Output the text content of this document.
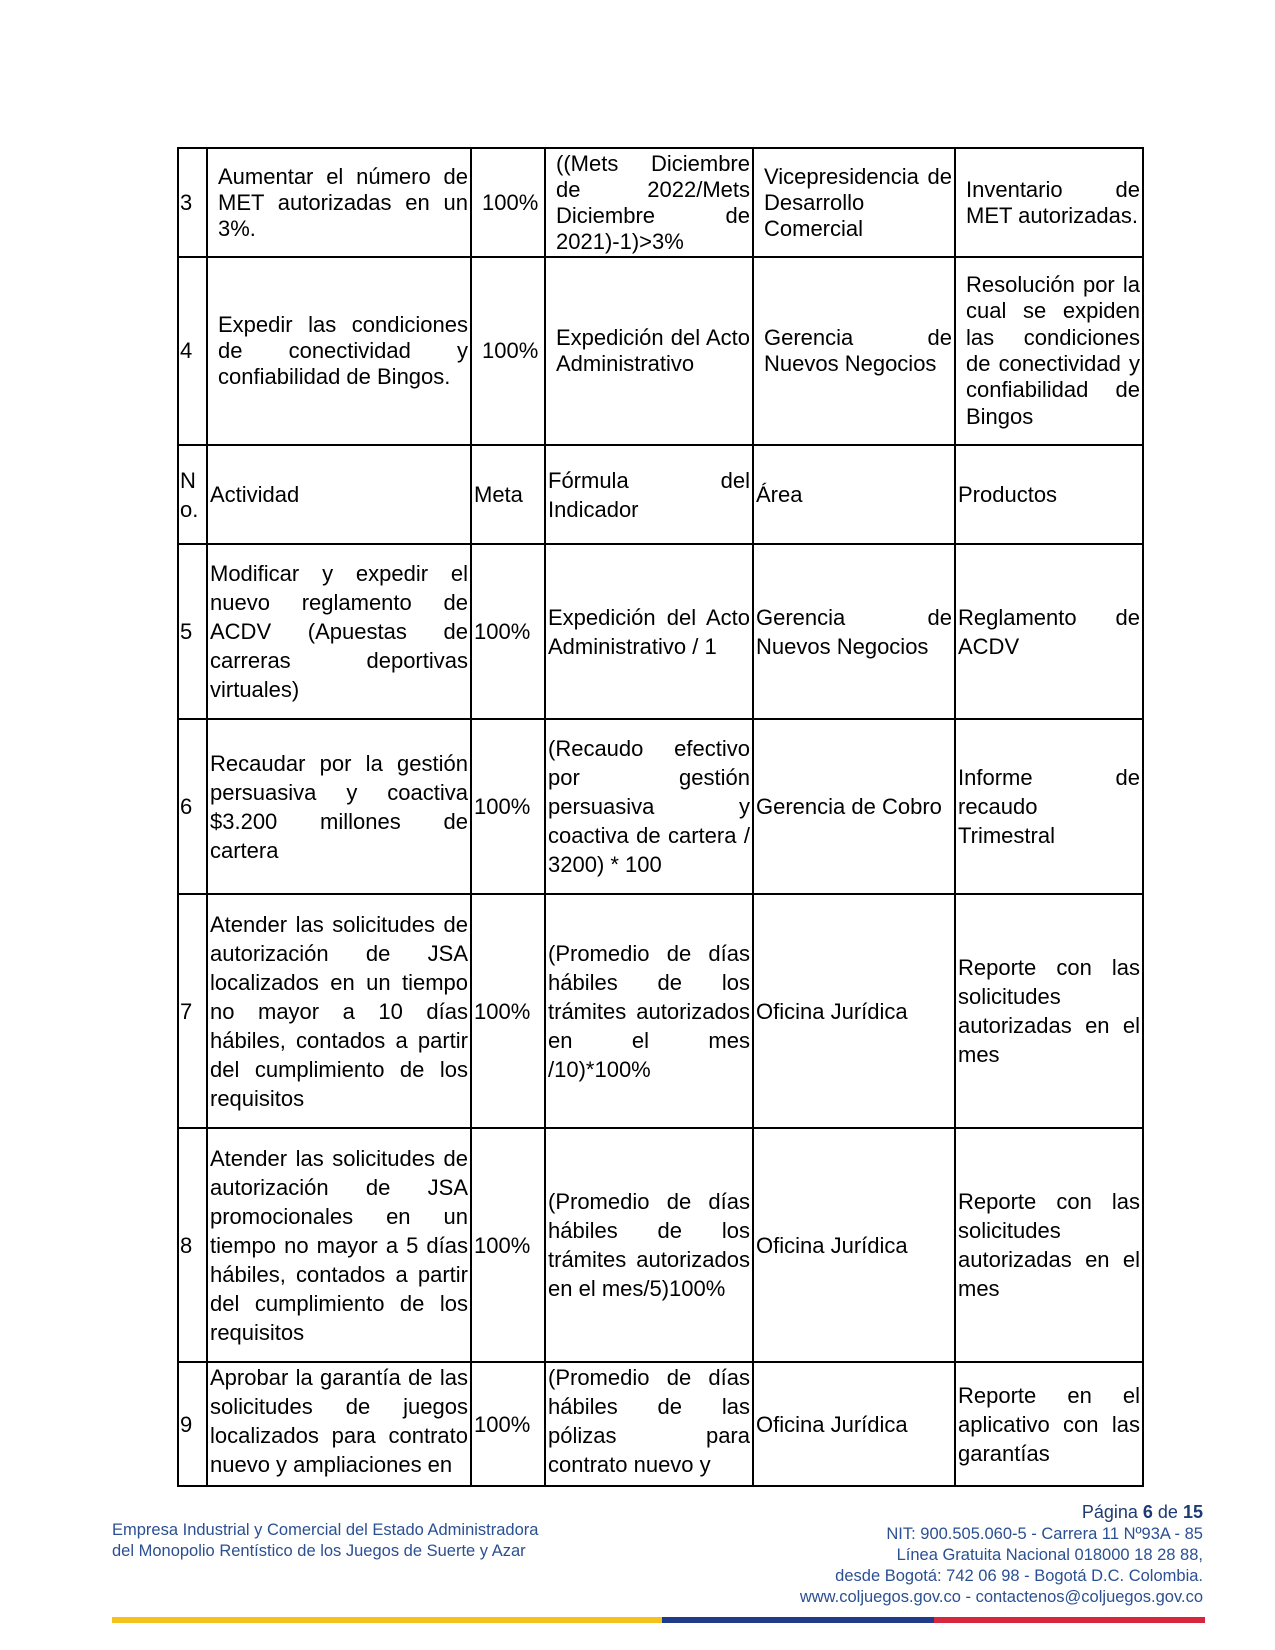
3	Aumentar el número de MET autorizadas en un 3%.	100%	((Mets Diciembre de 2022/Mets Diciembre de 2021)-1)>3%	Vicepresidencia de Desarrollo Comercial	Inventario de MET autorizadas.
4	Expedir las condiciones de conectividad y confiabilidad de Bingos.	100%	Expedición del Acto Administrativo	Gerencia de Nuevos Negocios	Resolución por la cual se expiden las condiciones de conectividad y confiabilidad de Bingos
No.	Actividad	Meta	Fórmula del Indicador	Área	Productos
5	Modificar y expedir el nuevo reglamento de ACDV (Apuestas de carreras deportivas virtuales)	100%	Expedición del Acto Administrativo / 1	Gerencia de Nuevos Negocios	Reglamento de ACDV
6	Recaudar por la gestión persuasiva y coactiva $3.200 millones de cartera	100%	(Recaudo efectivo por gestión persuasiva y coactiva de cartera / 3200) * 100	Gerencia de Cobro	Informe de recaudo Trimestral
7	Atender las solicitudes de autorización de JSA localizados en un tiempo no mayor a 10 días hábiles, contados a partir del cumplimiento de los requisitos	100%	(Promedio de días hábiles de los trámites autorizados en el mes /10)*100%	Oficina Jurídica	Reporte con las solicitudes autorizadas en el mes
8	Atender las solicitudes de autorización de JSA promocionales en un tiempo no mayor a 5 días hábiles, contados a partir del cumplimiento de los requisitos	100%	(Promedio de días hábiles de los trámites autorizados en el mes/5)100%	Oficina Jurídica	Reporte con las solicitudes autorizadas en el mes
9	Aprobar la garantía de las solicitudes de juegos localizados para contrato nuevo y ampliaciones en	100%	(Promedio de días hábiles de las pólizas para contrato nuevo y	Oficina Jurídica	Reporte en el aplicativo con las garantías
Empresa Industrial y Comercial del Estado Administradora
del Monopolio Rentístico de los Juegos de Suerte y Azar
Página 6 de 15
NIT: 900.505.060-5 - Carrera 11 Nº93A - 85
Línea Gratuita Nacional 018000 18 28 88,
desde Bogotá: 742 06 98 - Bogotá D.C. Colombia.
www.coljuegos.gov.co - contactenos@coljuegos.gov.co
